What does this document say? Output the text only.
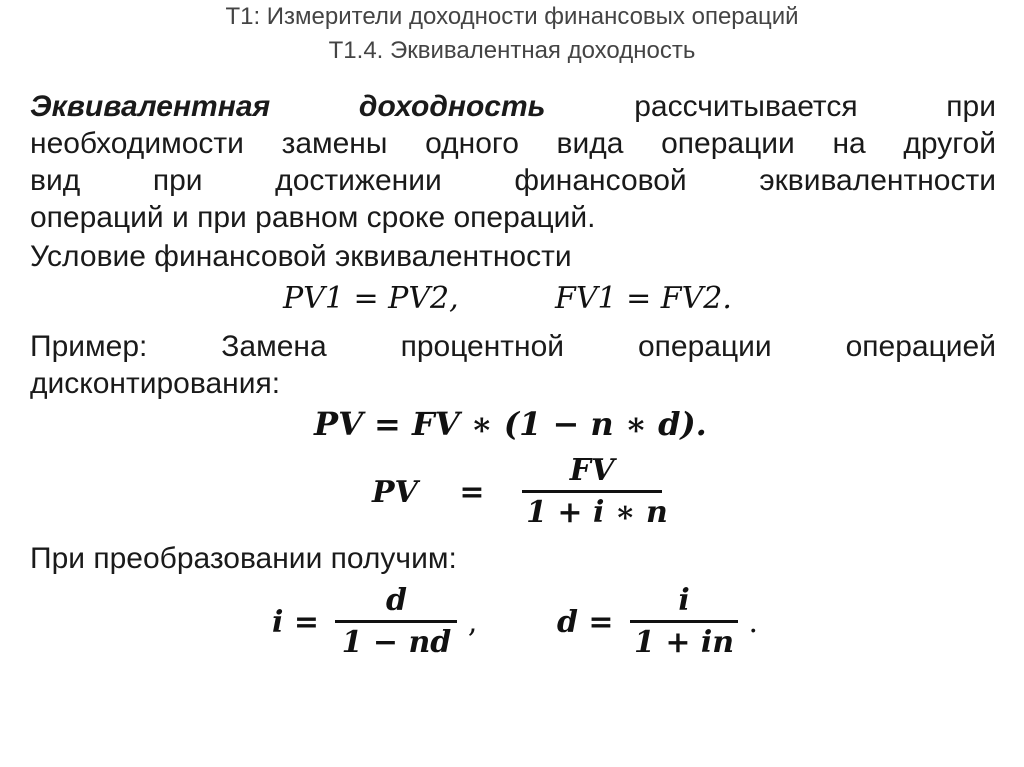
Т1: Измерители доходности финансовых операций
Т1.4. Эквивалентная доходность
Эквивалентная доходность	рассчитывается при
необходимости замены одного вида операции на другой
вид при достижении финансовой эквивалентности
операций и при равном сроке операций.
Условие финансовой эквивалентности
PV1 = PV2,	FV1 = FV2.
Пример: Замена процентной операции операцией
дисконтирования:
PV = FV ∗ (1 − n ∗ d).
PV = $\frac{FV}{1 + i ∗ n}$
При преобразовании получим:
$i = \frac{d}{1 - nd}$ ,	$d = \frac{i}{1 + in}$ .
